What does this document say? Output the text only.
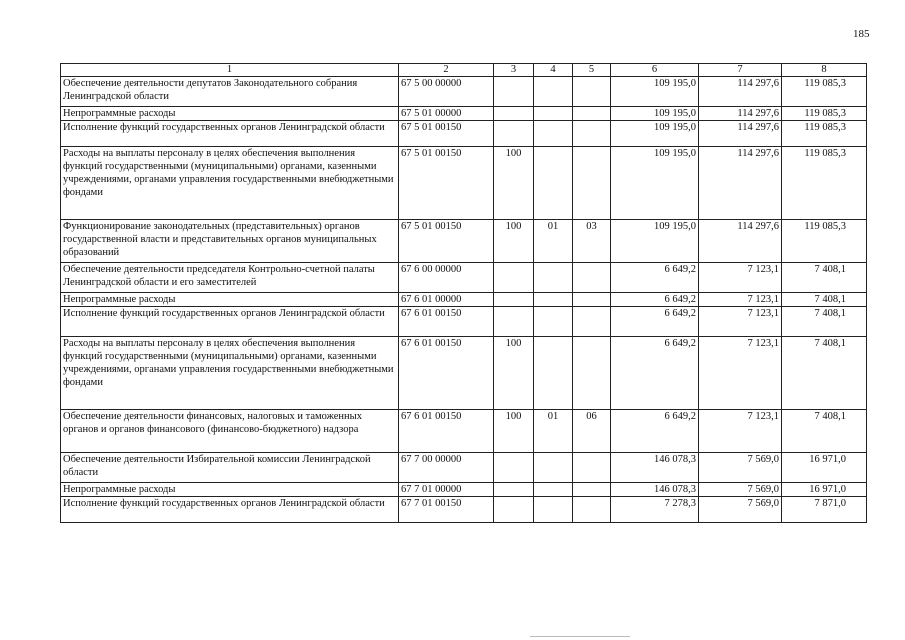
185
1	2	3	4	5	6	7	8
Обеспечение деятельности депутатов Законодательного собрания Ленинградской области	67 5 00 00000				109 195,0	114 297,6	119 085,3
Непрограммные расходы	67 5 01 00000				109 195,0	114 297,6	119 085,3
Исполнение функций государственных органов Ленинградской области	67 5 01 00150				109 195,0	114 297,6	119 085,3
Расходы на выплаты персоналу в целях обеспечения выполнения функций государственными (муниципальными) органами, казенными учреждениями, органами управления государственными внебюджетными фондами	67 5 01 00150	100			109 195,0	114 297,6	119 085,3
Функционирование законодательных (представительных) органов государственной власти и представительных органов муниципальных образований	67 5 01 00150	100	01	03	109 195,0	114 297,6	119 085,3
Обеспечение деятельности председателя Контрольно-счетной палаты Ленинградской области и его заместителей	67 6 00 00000				6 649,2	7 123,1	7 408,1
Непрограммные расходы	67 6 01 00000				6 649,2	7 123,1	7 408,1
Исполнение функций государственных органов Ленинградской области	67 6 01 00150				6 649,2	7 123,1	7 408,1
Расходы на выплаты персоналу в целях обеспечения выполнения функций государственными (муниципальными) органами, казенными учреждениями, органами управления государственными внебюджетными фондами	67 6 01 00150	100			6 649,2	7 123,1	7 408,1
Обеспечение деятельности финансовых, налоговых и таможенных органов и органов финансового (финансово-бюджетного) надзора	67 6 01 00150	100	01	06	6 649,2	7 123,1	7 408,1
Обеспечение деятельности Избирательной комиссии Ленинградской области	67 7 00 00000				146 078,3	7 569,0	16 971,0
Непрограммные расходы	67 7 01 00000				146 078,3	7 569,0	16 971,0
Исполнение функций государственных органов Ленинградской области	67 7 01 00150				7 278,3	7 569,0	7 871,0
